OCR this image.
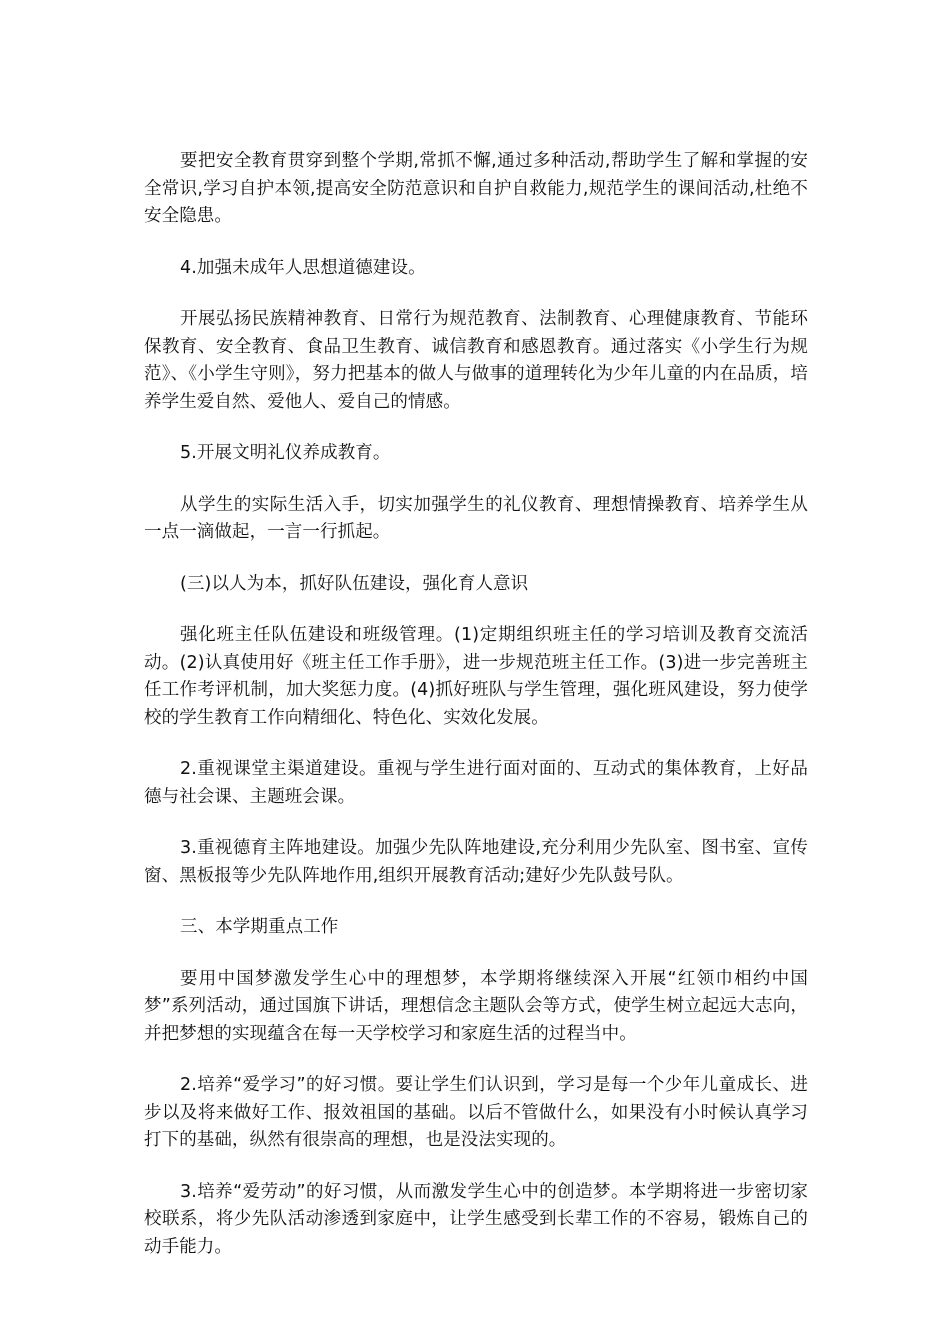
要把安全教育贯穿到整个学期,常抓不懈,通过多种活动,帮助学生了解和掌握的安全常识,学习自护本领,提高安全防范意识和自护自救能力,规范学生的课间活动,杜绝不安全隐患。

4.加强未成年人思想道德建设。

开展弘扬民族精神教育、日常行为规范教育、法制教育、心理健康教育、节能环保教育、安全教育、食品卫生教育、诚信教育和感恩教育。通过落实《小学生行为规范》、《小学生守则》，努力把基本的做人与做事的道理转化为少年儿童的内在品质，培养学生爱自然、爱他人、爱自己的情感。

5.开展文明礼仪养成教育。

从学生的实际生活入手，切实加强学生的礼仪教育、理想情操教育、培养学生从一点一滴做起，一言一行抓起。

(三)以人为本，抓好队伍建设，强化育人意识

强化班主任队伍建设和班级管理。(1)定期组织班主任的学习培训及教育交流活动。(2)认真使用好《班主任工作手册》，进一步规范班主任工作。(3)进一步完善班主任工作考评机制，加大奖惩力度。(4)抓好班队与学生管理，强化班风建设，努力使学校的学生教育工作向精细化、特色化、实效化发展。

2.重视课堂主渠道建设。重视与学生进行面对面的、互动式的集体教育，上好品德与社会课、主题班会课。

3.重视德育主阵地建设。加强少先队阵地建设,充分利用少先队室、图书室、宣传窗、黑板报等少先队阵地作用,组织开展教育活动;建好少先队鼓号队。

三、本学期重点工作

要用中国梦激发学生心中的理想梦，本学期将继续深入开展“红领巾相约中国梦”系列活动，通过国旗下讲话，理想信念主题队会等方式，使学生树立起远大志向，并把梦想的实现蕴含在每一天学校学习和家庭生活的过程当中。

2.培养“爱学习”的好习惯。要让学生们认识到，学习是每一个少年儿童成长、进步以及将来做好工作、报效祖国的基础。以后不管做什么，如果没有小时候认真学习打下的基础，纵然有很崇高的理想，也是没法实现的。

3.培养“爱劳动”的好习惯，从而激发学生心中的创造梦。本学期将进一步密切家校联系，将少先队活动渗透到家庭中，让学生感受到长辈工作的不容易，锻炼自己的动手能力。
